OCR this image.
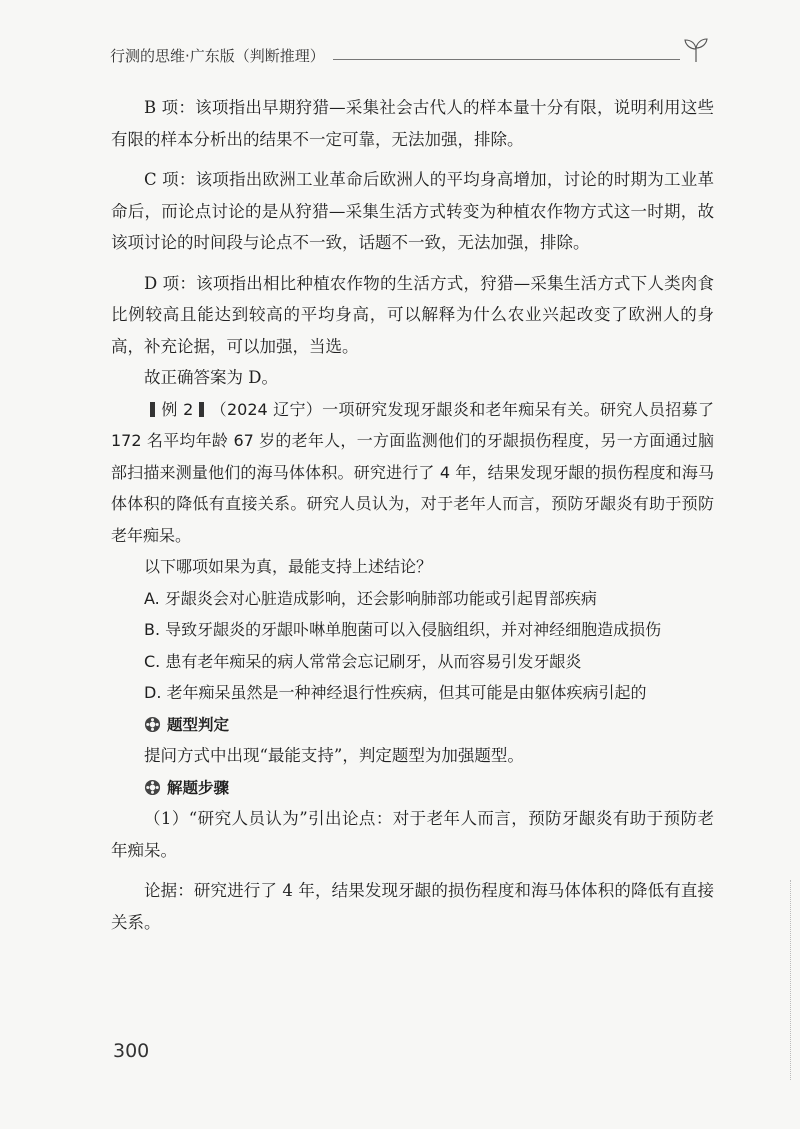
行测的思维·广东版（判断推理）

B 项：该项指出早期狩猎—采集社会古代人的样本量十分有限，说明利用这些有限的样本分析出的结果不一定可靠，无法加强，排除。

C 项：该项指出欧洲工业革命后欧洲人的平均身高增加，讨论的时期为工业革命后，而论点讨论的是从狩猎—采集生活方式转变为种植农作物方式这一时期，故该项讨论的时间段与论点不一致，话题不一致，无法加强，排除。

D 项：该项指出相比种植农作物的生活方式，狩猎—采集生活方式下人类肉食比例较高且能达到较高的平均身高，可以解释为什么农业兴起改变了欧洲人的身高，补充论据，可以加强，当选。

故正确答案为 D。

例 2 （2024 辽宁）一项研究发现牙龈炎和老年痴呆有关。研究人员招募了 172 名平均年龄 67 岁的老年人，一方面监测他们的牙龈损伤程度，另一方面通过脑部扫描来测量他们的海马体体积。研究进行了 4 年，结果发现牙龈的损伤程度和海马体体积的降低有直接关系。研究人员认为，对于老年人而言，预防牙龈炎有助于预防老年痴呆。

以下哪项如果为真，最能支持上述结论？

A. 牙龈炎会对心脏造成影响，还会影响肺部功能或引起胃部疾病

B. 导致牙龈炎的牙龈卟啉单胞菌可以入侵脑组织，并对神经细胞造成损伤

C. 患有老年痴呆的病人常常会忘记刷牙，从而容易引发牙龈炎

D. 老年痴呆虽然是一种神经退行性疾病，但其可能是由躯体疾病引起的

题型判定

提问方式中出现“最能支持”，判定题型为加强题型。

解题步骤

（1）“研究人员认为”引出论点：对于老年人而言，预防牙龈炎有助于预防老年痴呆。

论据：研究进行了 4 年，结果发现牙龈的损伤程度和海马体体积的降低有直接关系。

300
